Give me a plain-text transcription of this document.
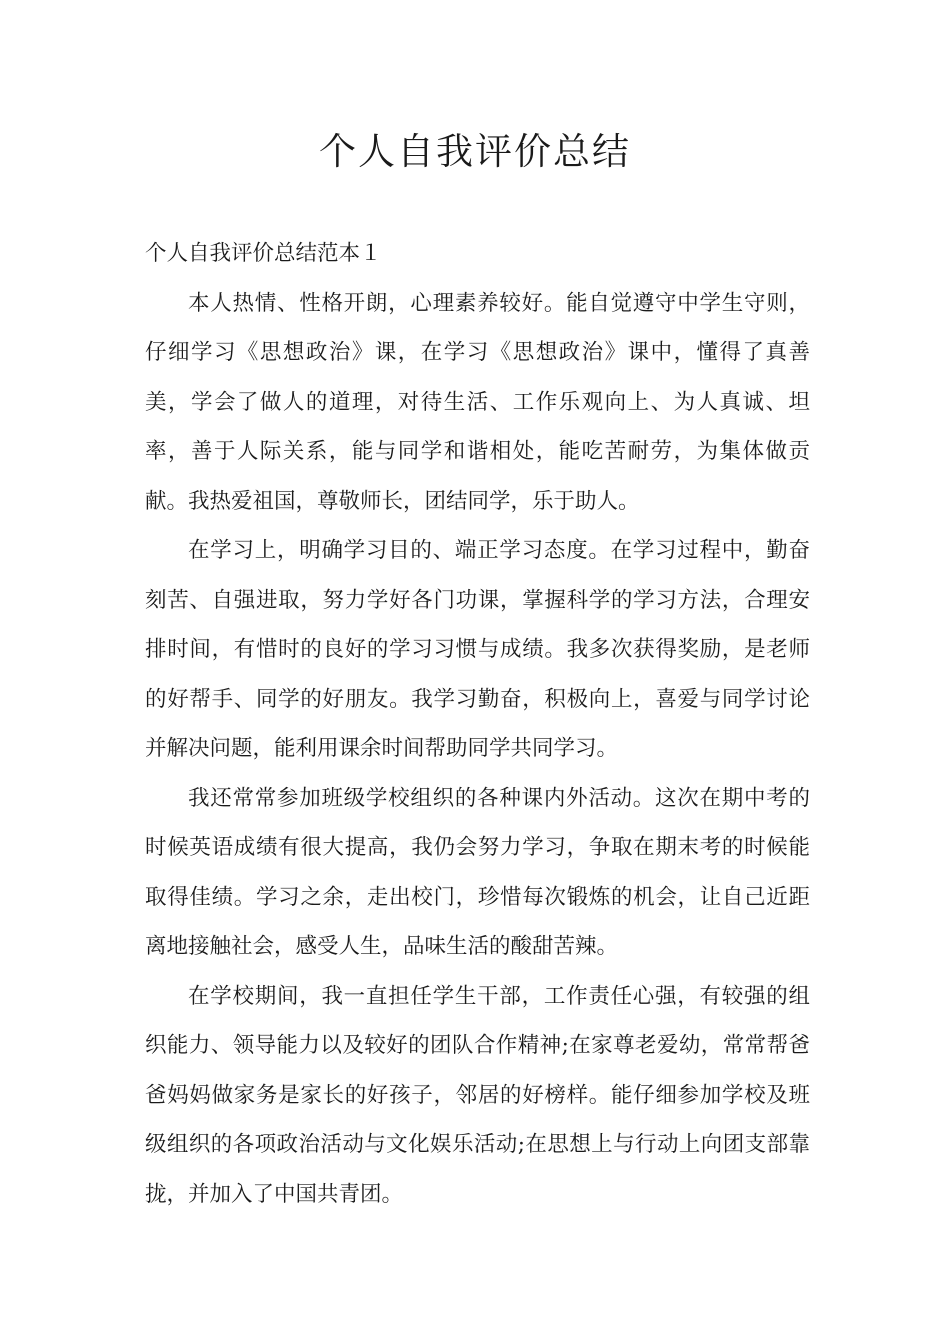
个人自我评价总结

个人自我评价总结范本１

本人热情、性格开朗，心理素养较好。能自觉遵守中学生守则，仔细学习《思想政治》课，在学习《思想政治》课中，懂得了真善美，学会了做人的道理，对待生活、工作乐观向上、为人真诚、坦率，善于人际关系，能与同学和谐相处，能吃苦耐劳，为集体做贡献。我热爱祖国，尊敬师长，团结同学，乐于助人。

在学习上，明确学习目的、端正学习态度。在学习过程中，勤奋刻苦、自强进取，努力学好各门功课，掌握科学的学习方法，合理安排时间，有惜时的良好的学习习惯与成绩。我多次获得奖励，是老师的好帮手、同学的好朋友。我学习勤奋，积极向上，喜爱与同学讨论并解决问题，能利用课余时间帮助同学共同学习。

我还常常参加班级学校组织的各种课内外活动。这次在期中考的时候英语成绩有很大提高，我仍会努力学习，争取在期末考的时候能取得佳绩。学习之余，走出校门，珍惜每次锻炼的机会，让自己近距离地接触社会，感受人生，品味生活的酸甜苦辣。

在学校期间，我一直担任学生干部，工作责任心强，有较强的组织能力、领导能力以及较好的团队合作精神;在家尊老爱幼，常常帮爸爸妈妈做家务是家长的好孩子，邻居的好榜样。能仔细参加学校及班级组织的各项政治活动与文化娱乐活动;在思想上与行动上向团支部靠拢，并加入了中国共青团。
